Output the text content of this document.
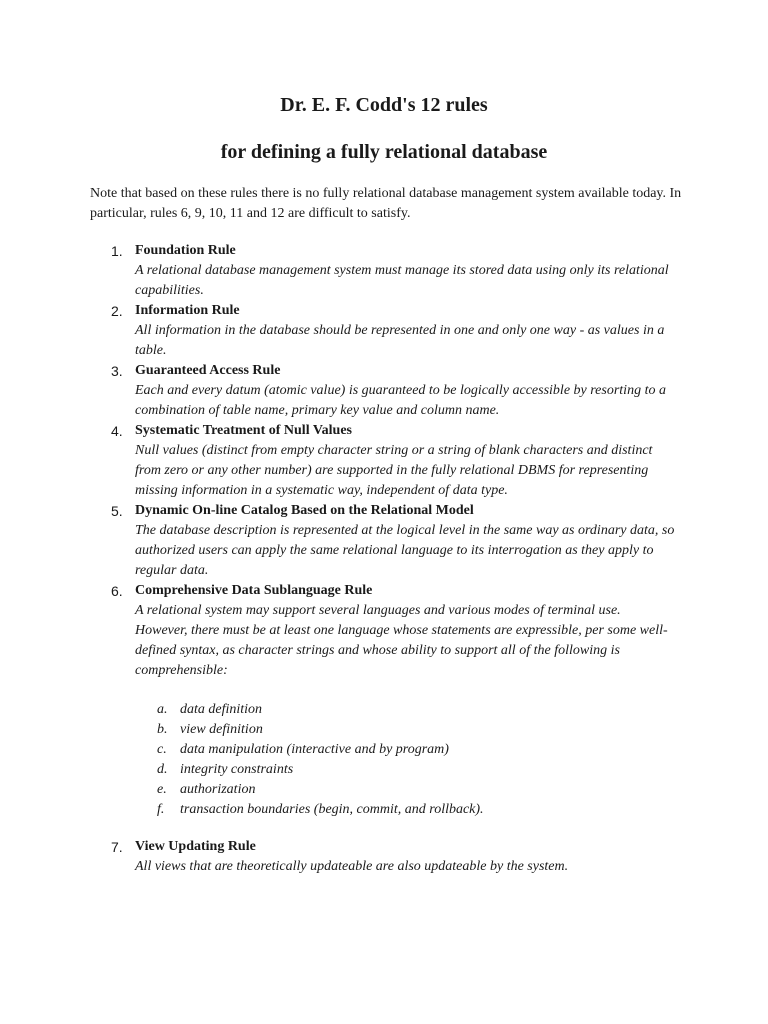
Dr. E. F. Codd's 12 rules
for defining a fully relational database

Note that based on these rules there is no fully relational database management system available today. In particular, rules 6, 9, 10, 11 and 12 are difficult to satisfy.

1. Foundation Rule
A relational database management system must manage its stored data using only its relational capabilities.
2. Information Rule
All information in the database should be represented in one and only one way - as values in a table.
3. Guaranteed Access Rule
Each and every datum (atomic value) is guaranteed to be logically accessible by resorting to a combination of table name, primary key value and column name.
4. Systematic Treatment of Null Values
Null values (distinct from empty character string or a string of blank characters and distinct from zero or any other number) are supported in the fully relational DBMS for representing missing information in a systematic way, independent of data type.
5. Dynamic On-line Catalog Based on the Relational Model
The database description is represented at the logical level in the same way as ordinary data, so authorized users can apply the same relational language to its interrogation as they apply to regular data.
6. Comprehensive Data Sublanguage Rule
A relational system may support several languages and various modes of terminal use. However, there must be at least one language whose statements are expressible, per some well-defined syntax, as character strings and whose ability to support all of the following is comprehensible:
a. data definition
b. view definition
c. data manipulation (interactive and by program)
d. integrity constraints
e. authorization
f. transaction boundaries (begin, commit, and rollback).
7. View Updating Rule
All views that are theoretically updateable are also updateable by the system.
